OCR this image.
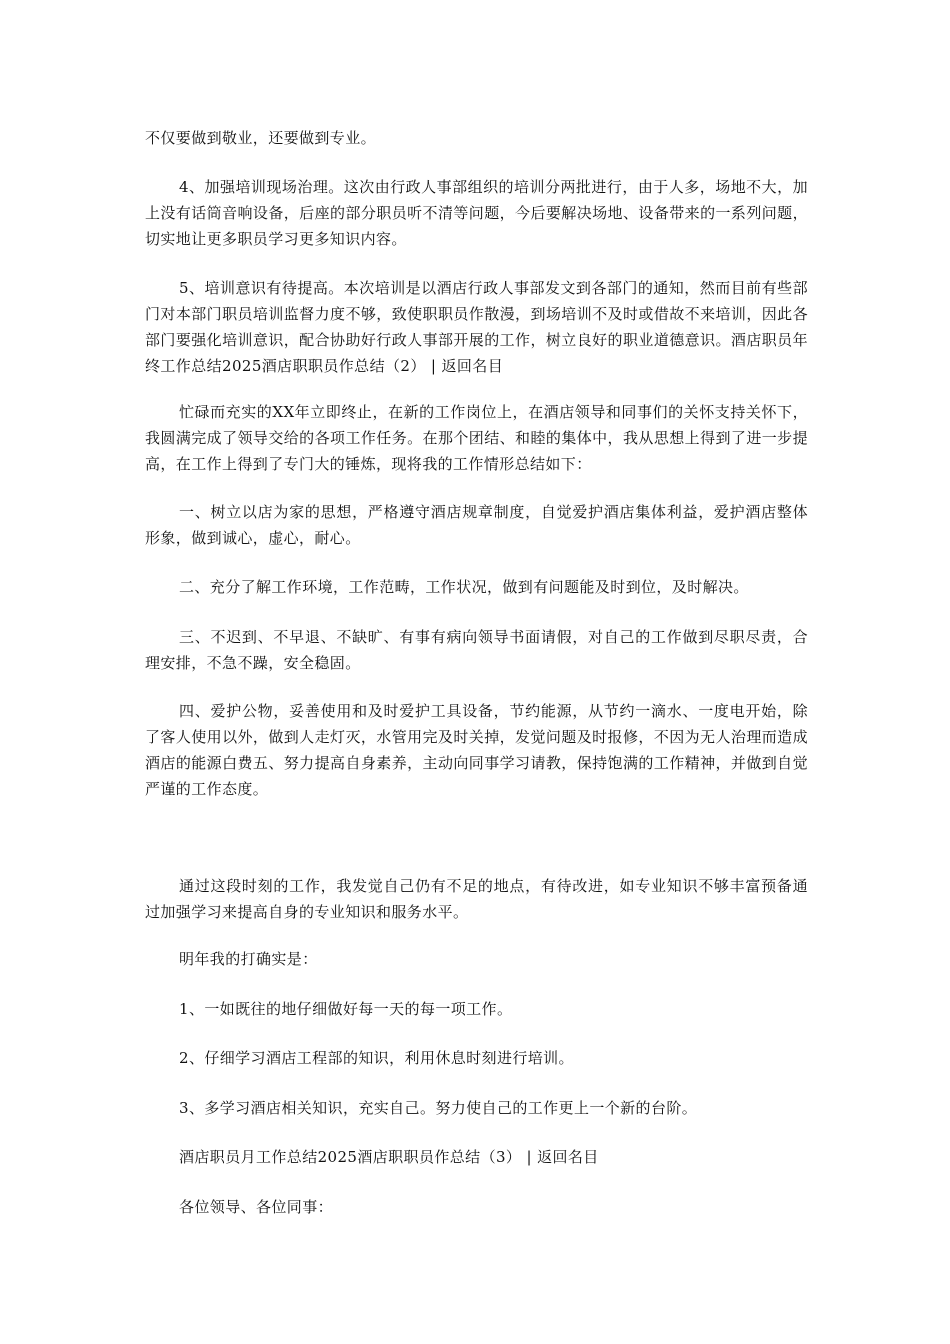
不仅要做到敬业，还要做到专业。

4、加强培训现场治理。这次由行政人事部组织的培训分两批进行，由于人多，场地不大，加上没有话筒音响设备，后座的部分职员听不清等问题，今后要解决场地、设备带来的一系列问题，切实地让更多职员学习更多知识内容。

5、培训意识有待提高。本次培训是以酒店行政人事部发文到各部门的通知，然而目前有些部门对本部门职员培训监督力度不够，致使职职员作散漫，到场培训不及时或借故不来培训，因此各部门要强化培训意识，配合协助好行政人事部开展的工作，树立良好的职业道德意识。酒店职员年终工作总结2025酒店职职员作总结（2） | 返回名目

忙碌而充实的XX年立即终止，在新的工作岗位上，在酒店领导和同事们的关怀支持关怀下，我圆满完成了领导交给的各项工作任务。在那个团结、和睦的集体中，我从思想上得到了进一步提高，在工作上得到了专门大的锤炼，现将我的工作情形总结如下：

一、树立以店为家的思想，严格遵守酒店规章制度，自觉爱护酒店集体利益，爱护酒店整体形象，做到诚心，虚心，耐心。

二、充分了解工作环境，工作范畴，工作状况，做到有问题能及时到位，及时解决。

三、不迟到、不早退、不缺旷、有事有病向领导书面请假，对自己的工作做到尽职尽责，合理安排，不急不躁，安全稳固。

四、爱护公物，妥善使用和及时爱护工具设备，节约能源，从节约一滴水、一度电开始，除了客人使用以外，做到人走灯灭，水管用完及时关掉，发觉问题及时报修，不因为无人治理而造成酒店的能源白费五、努力提高自身素养，主动向同事学习请教，保持饱满的工作精神，并做到自觉严谨的工作态度。

通过这段时刻的工作，我发觉自己仍有不足的地点，有待改进，如专业知识不够丰富预备通过加强学习来提高自身的专业知识和服务水平。

明年我的打确实是：

1、一如既往的地仔细做好每一天的每一项工作。

2、仔细学习酒店工程部的知识，利用休息时刻进行培训。

3、多学习酒店相关知识，充实自己。努力使自己的工作更上一个新的台阶。

酒店职员月工作总结2025酒店职职员作总结（3） | 返回名目

各位领导、各位同事：
